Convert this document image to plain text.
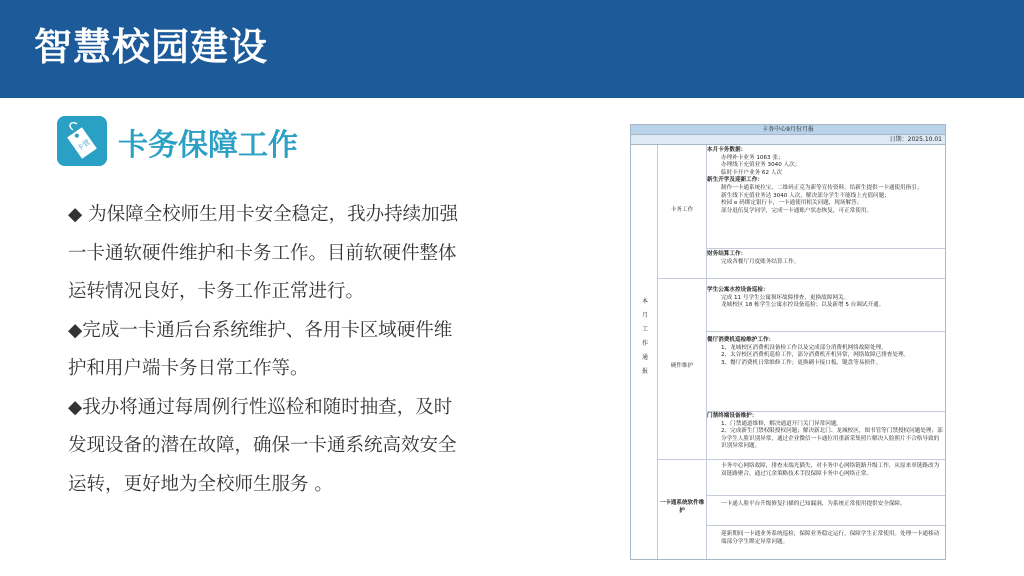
智慧校园建设
卡管 卡务保障工作

◆ 为保障全校师生用卡安全稳定，我办持续加强一卡通软硬件维护和卡务工作。目前软硬件整体运转情况良好，卡务工作正常进行。

◆完成一卡通后台系统维护、各用卡区域硬件维护和用户端卡务日常工作等。

◆我办将通过每周例行性巡检和随时抽查，及时发现设备的潜在故障，确保一卡通系统高效安全运转，更好地为全校师生服务 。

卡务中心9月份月报
日期：2025.10.01
本月工作通报
卡务工作
硬件维护
一卡通系统软件维护
本月卡务数据：
办理补卡业务 1063 张；
办理线下充值业务 3040 人次；
临时卡开户业务 62 人次
新生开学及迎新工作：
制作一卡通系统拉宝、二维码正克为新等宣传资料，给新生提供一卡通使用指引；
新生线下充值业务达 3040 人次，解决部分学生不能线上充值问题；
校园 e 码绑定银行卡，一卡通使用相关问题，现场解答；
部分退伍复学同学，完成一卡通账户状态恢复，可正常使用。
财务结算工作：
完成各餐厅月度账务结算工作。
学生公寓水控设备巡检：
完成 11 号学生公寓损坏故障排查，更换故障网关。
龙城校区 18 栋学生公寓水控设备巡检；以及新增 5 台调试开通。
餐厅消费机巡检维护工作：
1、龙城校区消费机设备检工作以及完成部分消费机网络故障处理。
2、太谷校区消费机巡检工作，部分消费机开机异常，网络故障已排查处理。
3、餐厅消费机日常维修工作；更换刷卡接口板、键盘等易损件。
门禁终端设备维护：
1、门禁通道维修，解决通道开门关门异常问题。
2、完成新生门禁权限授权问题；解决新北门、龙城校区，图书管等门禁授权问题处理；部分学生人脸识别异常，通过企业微信一卡通位用重新采集照片解决人脸照片不合格导致的识别异常问题。
卡务中心网络故障，排查末端光猫失，对卡务中心网络链路升级工作，从原来单链路改为双链路聚合，通过冗余策略技术手段保障卡务中心网络正常。
一卡通人脸平台升级修复扫描的已知漏洞，为系统正常使用提供安全保障。
迎新期间一卡通业务系统巡检，保障业务稳定运行，保障学生正常使用。处理一卡通移动端部分学生绑定异常问题。
